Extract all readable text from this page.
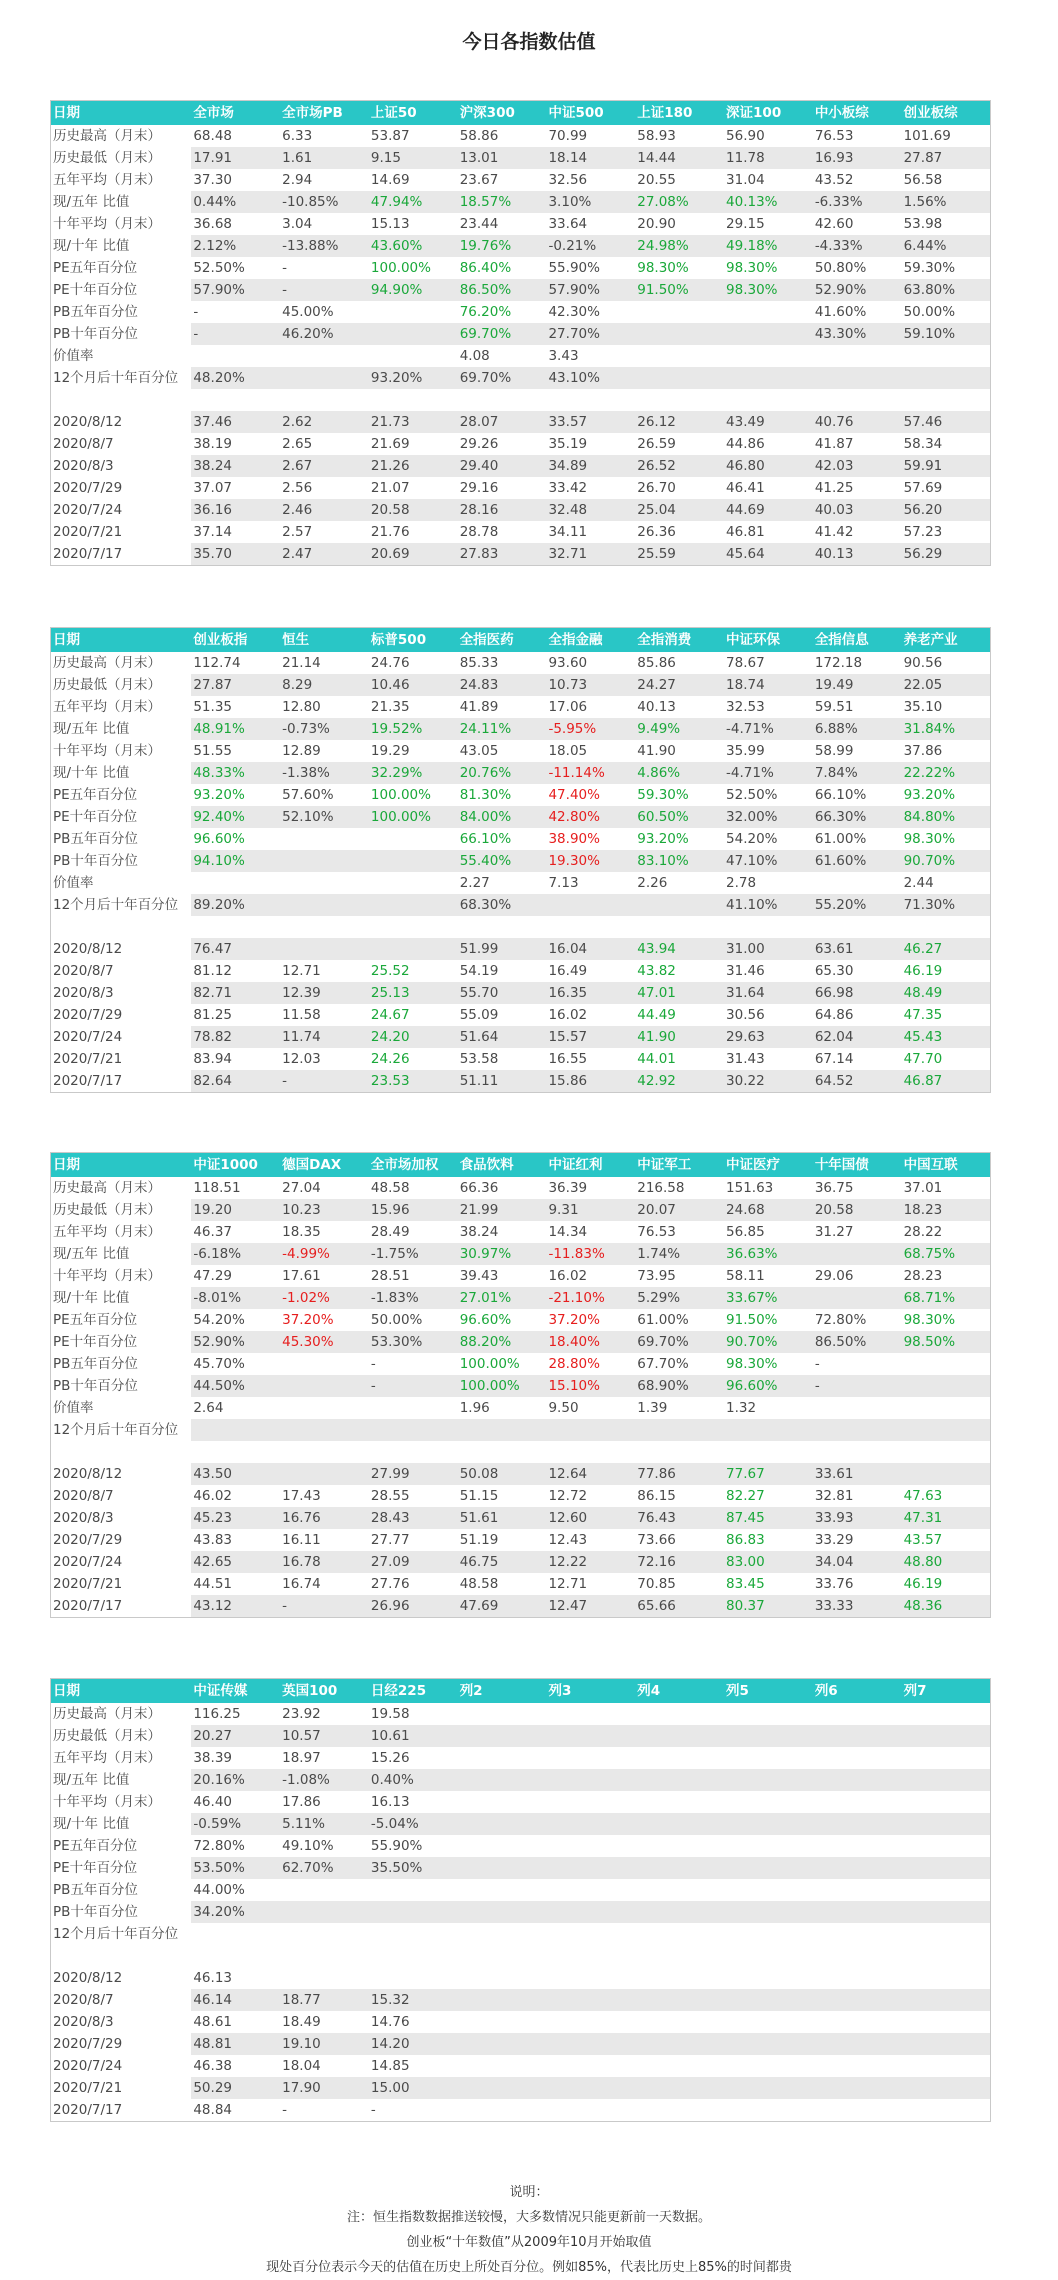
今日各指数估值
日期	全市场	全市场PB	上证50	沪深300	中证500	上证180	深证100	中小板综	创业板综
历史最高（月末）	68.48	6.33	53.87	58.86	70.99	58.93	56.90	76.53	101.69
历史最低（月末）	17.91	1.61	9.15	13.01	18.14	14.44	11.78	16.93	27.87
五年平均（月末）	37.30	2.94	14.69	23.67	32.56	20.55	31.04	43.52	56.58
现/五年 比值	0.44%	-10.85%	47.94%	18.57%	3.10%	27.08%	40.13%	-6.33%	1.56%
十年平均（月末）	36.68	3.04	15.13	23.44	33.64	20.90	29.15	42.60	53.98
现/十年 比值	2.12%	-13.88%	43.60%	19.76%	-0.21%	24.98%	49.18%	-4.33%	6.44%
PE五年百分位	52.50%	-	100.00%	86.40%	55.90%	98.30%	98.30%	50.80%	59.30%
PE十年百分位	57.90%	-	94.90%	86.50%	57.90%	91.50%	98.30%	52.90%	63.80%
PB五年百分位	-	45.00%		76.20%	42.30%			41.60%	50.00%
PB十年百分位	-	46.20%		69.70%	27.70%			43.30%	59.10%
价值率				4.08	3.43				
12个月后十年百分位	48.20%		93.20%	69.70%	43.10%				

2020/8/12	37.46	2.62	21.73	28.07	33.57	26.12	43.49	40.76	57.46
2020/8/7	38.19	2.65	21.69	29.26	35.19	26.59	44.86	41.87	58.34
2020/8/3	38.24	2.67	21.26	29.40	34.89	26.52	46.80	42.03	59.91
2020/7/29	37.07	2.56	21.07	29.16	33.42	26.70	46.41	41.25	57.69
2020/7/24	36.16	2.46	20.58	28.16	32.48	25.04	44.69	40.03	56.20
2020/7/21	37.14	2.57	21.76	28.78	34.11	26.36	46.81	41.42	57.23
2020/7/17	35.70	2.47	20.69	27.83	32.71	25.59	45.64	40.13	56.29
日期	创业板指	恒生	标普500	全指医药	全指金融	全指消费	中证环保	全指信息	养老产业
历史最高（月末）	112.74	21.14	24.76	85.33	93.60	85.86	78.67	172.18	90.56
历史最低（月末）	27.87	8.29	10.46	24.83	10.73	24.27	18.74	19.49	22.05
五年平均（月末）	51.35	12.80	21.35	41.89	17.06	40.13	32.53	59.51	35.10
现/五年 比值	48.91%	-0.73%	19.52%	24.11%	-5.95%	9.49%	-4.71%	6.88%	31.84%
十年平均（月末）	51.55	12.89	19.29	43.05	18.05	41.90	35.99	58.99	37.86
现/十年 比值	48.33%	-1.38%	32.29%	20.76%	-11.14%	4.86%	-4.71%	7.84%	22.22%
PE五年百分位	93.20%	57.60%	100.00%	81.30%	47.40%	59.30%	52.50%	66.10%	93.20%
PE十年百分位	92.40%	52.10%	100.00%	84.00%	42.80%	60.50%	32.00%	66.30%	84.80%
PB五年百分位	96.60%			66.10%	38.90%	93.20%	54.20%	61.00%	98.30%
PB十年百分位	94.10%			55.40%	19.30%	83.10%	47.10%	61.60%	90.70%
价值率				2.27	7.13	2.26	2.78		2.44
12个月后十年百分位	89.20%			68.30%			41.10%	55.20%	71.30%

2020/8/12	76.47			51.99	16.04	43.94	31.00	63.61	46.27
2020/8/7	81.12	12.71	25.52	54.19	16.49	43.82	31.46	65.30	46.19
2020/8/3	82.71	12.39	25.13	55.70	16.35	47.01	31.64	66.98	48.49
2020/7/29	81.25	11.58	24.67	55.09	16.02	44.49	30.56	64.86	47.35
2020/7/24	78.82	11.74	24.20	51.64	15.57	41.90	29.63	62.04	45.43
2020/7/21	83.94	12.03	24.26	53.58	16.55	44.01	31.43	67.14	47.70
2020/7/17	82.64	-	23.53	51.11	15.86	42.92	30.22	64.52	46.87
日期	中证1000	德国DAX	全市场加权	食品饮料	中证红利	中证军工	中证医疗	十年国债	中国互联
历史最高（月末）	118.51	27.04	48.58	66.36	36.39	216.58	151.63	36.75	37.01
历史最低（月末）	19.20	10.23	15.96	21.99	9.31	20.07	24.68	20.58	18.23
五年平均（月末）	46.37	18.35	28.49	38.24	14.34	76.53	56.85	31.27	28.22
现/五年 比值	-6.18%	-4.99%	-1.75%	30.97%	-11.83%	1.74%	36.63%		68.75%
十年平均（月末）	47.29	17.61	28.51	39.43	16.02	73.95	58.11	29.06	28.23
现/十年 比值	-8.01%	-1.02%	-1.83%	27.01%	-21.10%	5.29%	33.67%		68.71%
PE五年百分位	54.20%	37.20%	50.00%	96.60%	37.20%	61.00%	91.50%	72.80%	98.30%
PE十年百分位	52.90%	45.30%	53.30%	88.20%	18.40%	69.70%	90.70%	86.50%	98.50%
PB五年百分位	45.70%		-	100.00%	28.80%	67.70%	98.30%	-	
PB十年百分位	44.50%		-	100.00%	15.10%	68.90%	96.60%	-	
价值率	2.64			1.96	9.50	1.39	1.32		
12个月后十年百分位									

2020/8/12	43.50		27.99	50.08	12.64	77.86	77.67	33.61	
2020/8/7	46.02	17.43	28.55	51.15	12.72	86.15	82.27	32.81	47.63
2020/8/3	45.23	16.76	28.43	51.61	12.60	76.43	87.45	33.93	47.31
2020/7/29	43.83	16.11	27.77	51.19	12.43	73.66	86.83	33.29	43.57
2020/7/24	42.65	16.78	27.09	46.75	12.22	72.16	83.00	34.04	48.80
2020/7/21	44.51	16.74	27.76	48.58	12.71	70.85	83.45	33.76	46.19
2020/7/17	43.12	-	26.96	47.69	12.47	65.66	80.37	33.33	48.36
日期	中证传媒	英国100	日经225	列2	列3	列4	列5	列6	列7
历史最高（月末）	116.25	23.92	19.58						
历史最低（月末）	20.27	10.57	10.61						
五年平均（月末）	38.39	18.97	15.26						
现/五年 比值	20.16%	-1.08%	0.40%						
十年平均（月末）	46.40	17.86	16.13						
现/十年 比值	-0.59%	5.11%	-5.04%						
PE五年百分位	72.80%	49.10%	55.90%						
PE十年百分位	53.50%	62.70%	35.50%						
PB五年百分位	44.00%								
PB十年百分位	34.20%								
12个月后十年百分位									

2020/8/12	46.13								
2020/8/7	46.14	18.77	15.32						
2020/8/3	48.61	18.49	14.76						
2020/7/29	48.81	19.10	14.20						
2020/7/24	46.38	18.04	14.85						
2020/7/21	50.29	17.90	15.00						
2020/7/17	48.84	-	-						
说明：
注：恒生指数数据推送较慢，大多数情况只能更新前一天数据。
创业板“十年数值”从2009年10月开始取值
现处百分位表示今天的估值在历史上所处百分位。例如85%，代表比历史上85%的时间都贵
